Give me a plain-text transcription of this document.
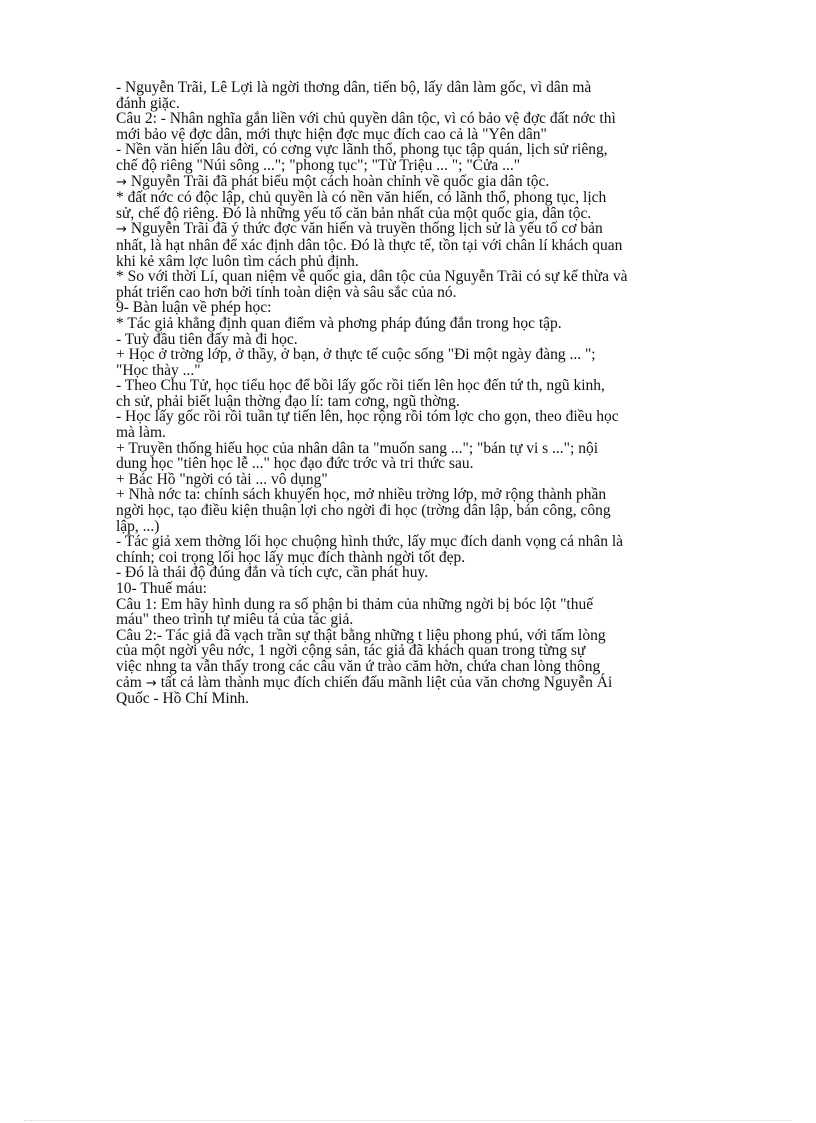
- Nguyễn Trãi, Lê Lợi là ngời thơng dân, tiến bộ, lấy dân làm gốc, vì dân mà
đánh giặc.
Câu 2: - Nhân nghĩa gắn liền với chủ quyền dân tộc, vì có bảo vệ đợc đất nớc thì
mới bảo vệ đợc dân, mới thực hiện đợc mục đích cao cả là "Yên dân"
- Nền văn hiến lâu đời, có cơng vực lãnh thổ, phong tục tập quán, lịch sử riêng,
chế độ riêng "Núi sông ..."; "phong tục"; "Từ Triệu ... "; "Cửa ..."
→ Nguyễn Trãi đã phát biểu một cách hoàn chỉnh về quốc gia dân tộc.
* đất nớc có độc lập, chủ quyền là có nền văn hiến, có lãnh thổ, phong tục, lịch
sử, chế độ riêng. Đó là những yếu tố căn bản nhất của một quốc gia, dân tộc.
→ Nguyễn Trãi đã ý thức đợc văn hiến và truyền thống lịch sử là yếu tố cơ bản
nhất, là hạt nhân để xác định dân tộc. Đó là thực tế, tồn tại với chân lí khách quan
khi kẻ xâm lợc luôn tìm cách phủ định.
* So với thời Lí, quan niệm về quốc gia, dân tộc của Nguyễn Trãi có sự kế thừa và
phát triển cao hơn bởi tính toàn diện và sâu sắc của nó.
9- Bàn luận về phép học:
* Tác giả khẳng định quan điểm và phơng pháp đúng đắn trong học tập.
- Tuỳ đầu tiên đấy mà đi học.
+ Học ở trờng lớp, ở thầy, ở bạn, ở thực tế cuộc sống "Đi một ngày đàng ... ";
"Học thày ..."
- Theo Chu Tử, học tiểu học để bồi lấy gốc rồi tiến lên học đến tứ th, ngũ kinh,
ch sử, phải biết luận thờng đạo lí: tam cơng, ngũ thờng.
- Học lấy gốc rồi rồi tuần tự tiến lên, học rộng rồi tóm lợc cho gọn, theo điều học
mà làm.
+ Truyền thống hiếu học của nhân dân ta "muốn sang ..."; "bán tự vi s ..."; nội
dung học "tiên học lễ ..." học đạo đức trớc và tri thức sau.
+ Bác Hồ "ngời có tài ... vô dụng"
+ Nhà nớc ta: chính sách khuyến học, mở nhiều trờng lớp, mở rộng thành phần
ngời học, tạo điều kiện thuận lợi cho ngời đi học (trờng dân lập, bán công, công
lập, ...)
- Tác giả xem thờng lối học chuộng hình thức, lấy mục đích danh vọng cá nhân là
chính; coi trọng lối học lấy mục đích thành ngời tốt đẹp.
- Đó là thái độ đúng đắn và tích cực, cần phát huy.
10- Thuế máu:
Câu 1: Em hãy hình dung ra số phận bi thảm của những ngời bị bóc lột "thuế
máu" theo trình tự miêu tả của tác giả.
Câu 2:- Tác giả đã vạch trần sự thật bằng những t liệu phong phú, với tấm lòng
của một ngời yêu nớc, 1 ngời cộng sản, tác giả đã khách quan trong từng sự
việc nhng ta vẫn thấy trong các câu văn ứ trào căm hờn, chứa chan lòng thông
cảm → tất cả làm thành mục đích chiến đấu mãnh liệt của văn chơng Nguyễn Ái
Quốc - Hồ Chí Minh.
